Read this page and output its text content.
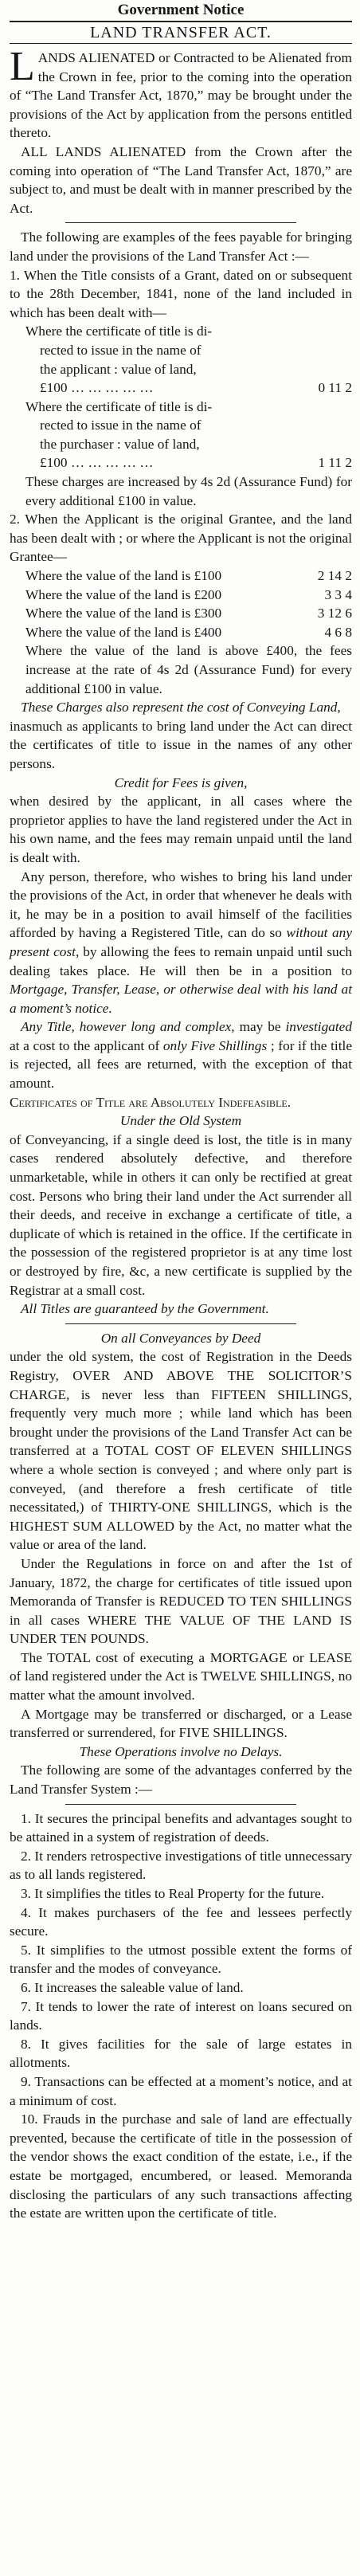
Government Notice
LAND TRANSFER ACT.

LANDS ALIENATED or Contracted to be Alienated from the Crown in fee, prior to the coming into the operation of “The Land Transfer Act, 1870,” may be brought under the provisions of the Act by application from the persons entitled thereto.

ALL LANDS ALIENATED from the Crown after the coming into operation of “The Land Transfer Act, 1870,” are subject to, and must be dealt with in manner prescribed by the Act.

The following are examples of the fees payable for bringing land under the provisions of the Land Transfer Act :—

1. When the Title consists of a Grant, dated on or subsequent to the 28th December, 1841, none of the land included in which has been dealt with—

Where the certificate of title is di-
rected to issue in the name of
the applicant : value of land,
£100 … … … … …	0 11 2
Where the certificate of title is di-
rected to issue in the name of
the purchaser : value of land,
£100 … … … … …	1 11 2

These charges are increased by 4s 2d (Assurance Fund) for every additional £100 in value.

2. When the Applicant is the original Grantee, and the land has been dealt with ; or where the Applicant is not the original Grantee—

Where the value of the land is £100	2 14 2
Where the value of the land is £200	3 3 4
Where the value of the land is £300	3 12 6
Where the value of the land is £400	4 6 8

Where the value of the land is above £400, the fees increase at the rate of 4s 2d (Assurance Fund) for every additional £100 in value.

These Charges also represent the cost of Conveying Land,

inasmuch as applicants to bring land under the Act can direct the certificates of title to issue in the names of any other persons.

Credit for Fees is given,

when desired by the applicant, in all cases where the proprietor applies to have the land registered under the Act in his own name, and the fees may remain unpaid until the land is dealt with.

Any person, therefore, who wishes to bring his land under the provisions of the Act, in order that whenever he deals with it, he may be in a position to avail himself of the facilities afforded by having a Registered Title, can do so without any present cost, by allowing the fees to remain unpaid until such dealing takes place. He will then be in a position to Mortgage, Transfer, Lease, or otherwise deal with his land at a moment’s notice.

Any Title, however long and complex, may be investigated at a cost to the applicant of only Five Shillings ; for if the title is rejected, all fees are returned, with the exception of that amount.

Certificates of Title are Absolutely Indefeasible.

Under the Old System

of Conveyancing, if a single deed is lost, the title is in many cases rendered absolutely defective, and therefore unmarketable, while in others it can only be rectified at great cost. Persons who bring their land under the Act surrender all their deeds, and receive in exchange a certificate of title, a duplicate of which is retained in the office. If the certificate in the possession of the registered proprietor is at any time lost or destroyed by fire, &c, a new certificate is supplied by the Registrar at a small cost.

All Titles are guaranteed by the Government.

On all Conveyances by Deed

under the old system, the cost of Registration in the Deeds Registry, OVER AND ABOVE THE SOLICITOR’S CHARGE, is never less than FIFTEEN SHILLINGS, frequently very much more ; while land which has been brought under the provisions of the Land Transfer Act can be transferred at a TOTAL COST OF ELEVEN SHILLINGS where a whole section is conveyed ; and where only part is conveyed, (and therefore a fresh certificate of title necessitated,) of THIRTY-ONE SHILLINGS, which is the HIGHEST SUM ALLOWED by the Act, no matter what the value or area of the land.

Under the Regulations in force on and after the 1st of January, 1872, the charge for certificates of title issued upon Memoranda of Transfer is REDUCED TO TEN SHILLINGS in all cases WHERE THE VALUE OF THE LAND IS UNDER TEN POUNDS.

The TOTAL cost of executing a MORTGAGE or LEASE of land registered under the Act is TWELVE SHILLINGS, no matter what the amount involved.

A Mortgage may be transferred or discharged, or a Lease transferred or surrendered, for FIVE SHILLINGS.

These Operations involve no Delays.

The following are some of the advantages conferred by the Land Transfer System :—

1. It secures the principal benefits and advantages sought to be attained in a system of registration of deeds.

2. It renders retrospective investigations of title unnecessary as to all lands registered.

3. It simplifies the titles to Real Property for the future.

4. It makes purchasers of the fee and lessees perfectly secure.

5. It simplifies to the utmost possible extent the forms of transfer and the modes of conveyance.

6. It increases the saleable value of land.

7. It tends to lower the rate of interest on loans secured on lands.

8. It gives facilities for the sale of large estates in allotments.

9. Transactions can be effected at a moment’s notice, and at a minimum of cost.

10. Frauds in the purchase and sale of land are effectually prevented, because the certificate of title in the possession of the vendor shows the exact condition of the estate, i.e., if the estate be mortgaged, encumbered, or leased. Memoranda disclosing the particulars of any such transactions affecting the estate are written upon the certificate of title.
